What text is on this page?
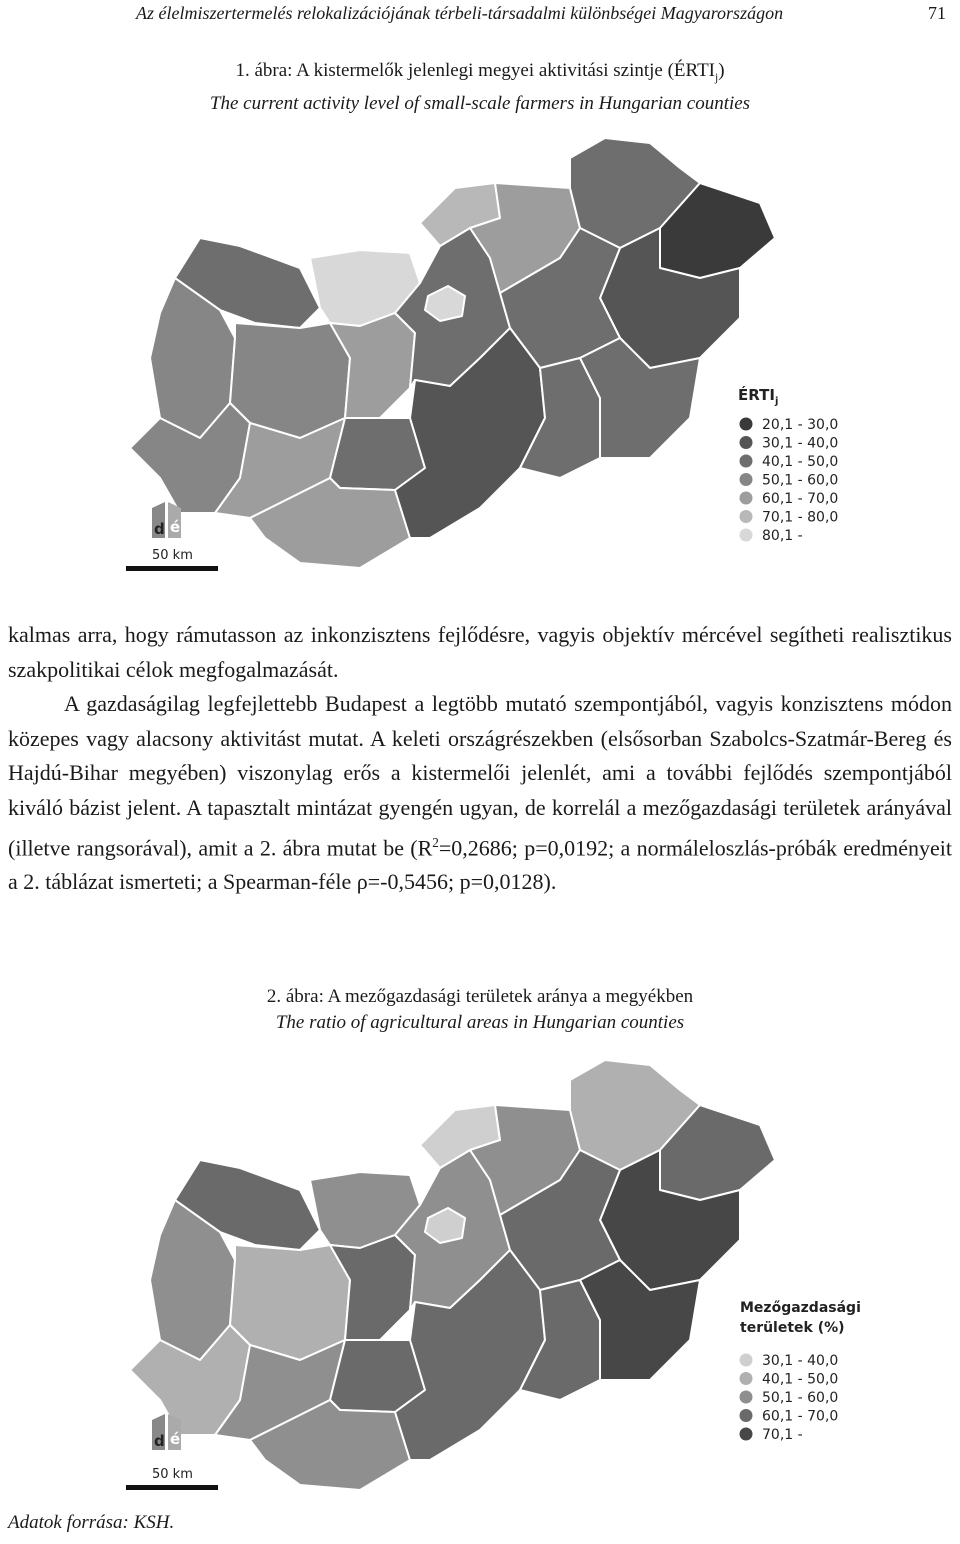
Az élelmiszertermelés relokalizációjának térbeli-társadalmi különbségei Magyarországon	71
1. ábra: A kistermelők jelenlegi megyei aktivitási szintje $(ÉRTI_j)$
The current activity level of small-scale farmers in Hungarian counties
$ÉRTI_j$
20,1 - 30,0
30,1 - 40,0
40,1 - 50,0
50,1 - 60,0
60,1 - 70,0
70,1 - 80,0
80,1 -
d é
50 km

kalmas arra, hogy rámutasson az inkonzisztens fejlődésre, vagyis objektív mércével segítheti realisztikus szakpolitikai célok megfogalmazását.

A gazdaságilag legfejlettebb Budapest a legtöbb mutató szempontjából, vagyis konzisztens módon közepes vagy alacsony aktivitást mutat. A keleti országrészekben (elsősorban Szabolcs-Szatmár-Bereg és Hajdú-Bihar megyében) viszonylag erős a kistermelői jelenlét, ami a további fejlődés szempontjából kiváló bázist jelent. A tapasztalt mintázat gyengén ugyan, de korrelál a mezőgazdasági területek arányával (illetve rangsorával), amit a 2. ábra mutat be ($R^2=0,2686$; p=0,0192; a normáleloszlás-próbák eredményeit a 2. táblázat ismerteti; a Spearman-féle ρ=-0,5456; p=0,0128).

2. ábra: A mezőgazdasági területek aránya a megyékben
The ratio of agricultural areas in Hungarian counties
Mezőgazdasági
területek (%)
30,1 - 40,0
40,1 - 50,0
50,1 - 60,0
60,1 - 70,0
70,1 -
d é
50 km
Adatok forrása: KSH.
